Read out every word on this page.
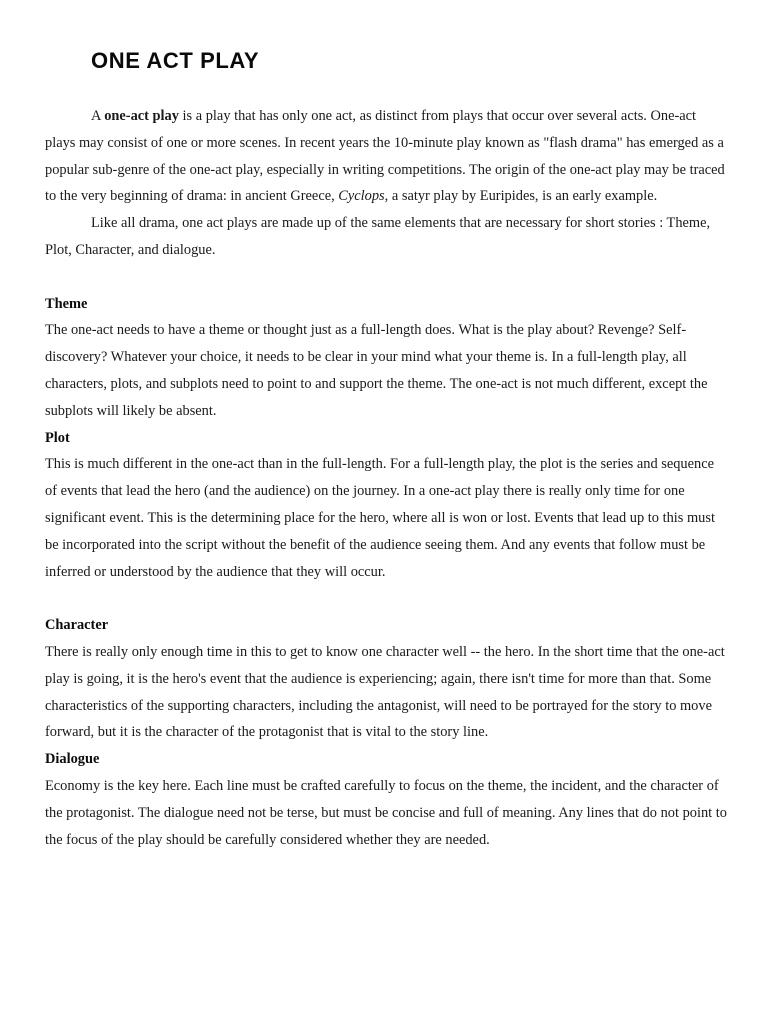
ONE ACT PLAY

A one-act play is a play that has only one act, as distinct from plays that occur over several acts. One-act plays may consist of one or more scenes. In recent years the 10-minute play known as "flash drama" has emerged as a popular sub-genre of the one-act play, especially in writing competitions. The origin of the one-act play may be traced to the very beginning of drama: in ancient Greece, Cyclops, a satyr play by Euripides, is an early example.

Like all drama, one act plays are made up of the same elements that are necessary for short stories : Theme, Plot, Character, and dialogue.

Theme

The one-act needs to have a theme or thought just as a full-length does. What is the play about? Revenge? Self-discovery? Whatever your choice, it needs to be clear in your mind what your theme is. In a full-length play, all characters, plots, and subplots need to point to and support the theme. The one-act is not much different, except the subplots will likely be absent.

Plot

This is much different in the one-act than in the full-length. For a full-length play, the plot is the series and sequence of events that lead the hero (and the audience) on the journey. In a one-act play there is really only time for one significant event. This is the determining place for the hero, where all is won or lost. Events that lead up to this must be incorporated into the script without the benefit of the audience seeing them. And any events that follow must be inferred or understood by the audience that they will occur.

Character

There is really only enough time in this to get to know one character well -- the hero. In the short time that the one-act play is going, it is the hero's event that the audience is experiencing; again, there isn't time for more than that. Some characteristics of the supporting characters, including the antagonist, will need to be portrayed for the story to move forward, but it is the character of the protagonist that is vital to the story line.

Dialogue

Economy is the key here. Each line must be crafted carefully to focus on the theme, the incident, and the character of the protagonist. The dialogue need not be terse, but must be concise and full of meaning. Any lines that do not point to the focus of the play should be carefully considered whether they are needed.
